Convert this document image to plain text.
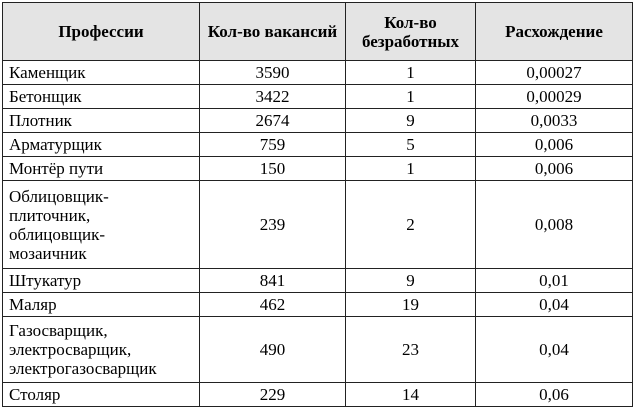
Профессии	Кол-во вакансий	Кол-во безработных	Расхождение
Каменщик	3590	1	0,00027
Бетонщик	3422	1	0,00029
Плотник	2674	9	0,0033
Арматурщик	759	5	0,006
Монтёр пути	150	1	0,006
Облицовщик-
плиточник,
облицовщик-
мозаичник	239	2	0,008
Штукатур	841	9	0,01
Маляр	462	19	0,04
Газосварщик,
электросварщик,
электрогазосварщик	490	23	0,04
Столяр	229	14	0,06
